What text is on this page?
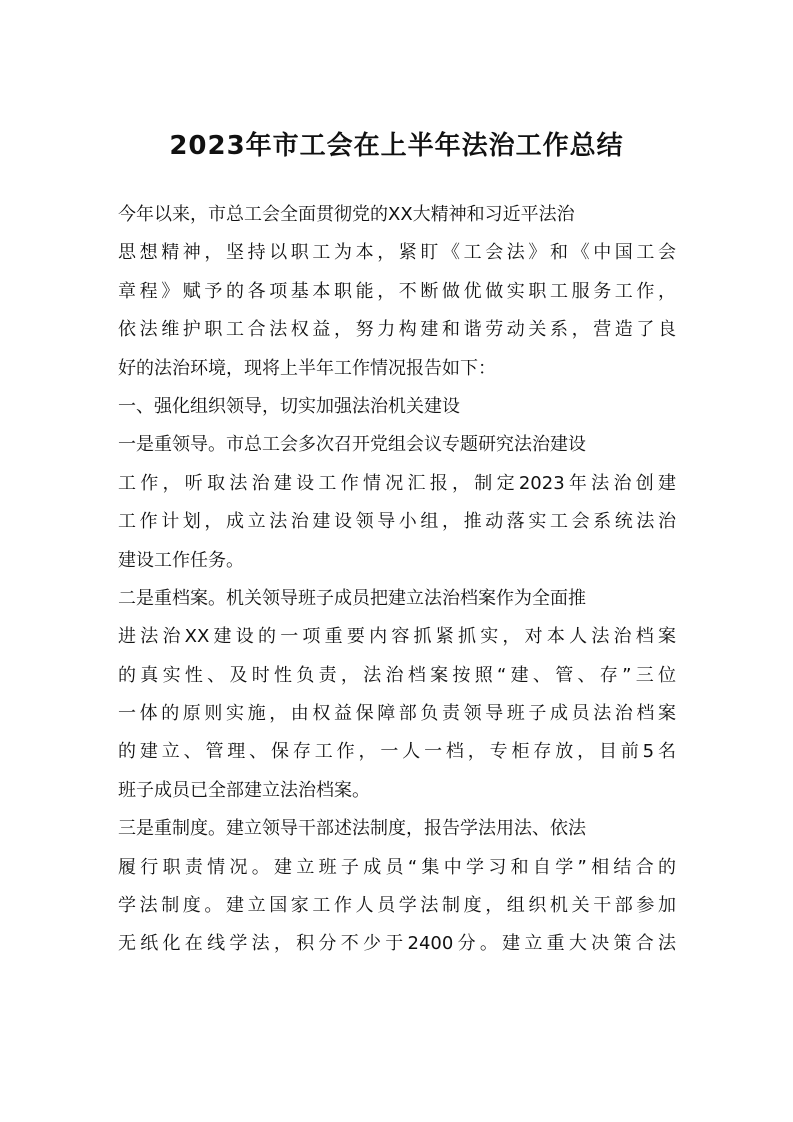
2023年市工会在上半年法治工作总结
今年以来，市总工会全面贯彻党的XX大精神和习近平法治
思想精神，坚持以职工为本，紧盯《工会法》和《中国工会
章程》赋予的各项基本职能，不断做优做实职工服务工作，
依法维护职工合法权益，努力构建和谐劳动关系，营造了良
好的法治环境，现将上半年工作情况报告如下：
一、强化组织领导，切实加强法治机关建设
一是重领导。市总工会多次召开党组会议专题研究法治建设
工作，听取法治建设工作情况汇报，制定2023年法治创建
工作计划，成立法治建设领导小组，推动落实工会系统法治
建设工作任务。
二是重档案。机关领导班子成员把建立法治档案作为全面推
进法治XX建设的一项重要内容抓紧抓实，对本人法治档案
的真实性、及时性负责，法治档案按照“建、管、存”三位
一体的原则实施，由权益保障部负责领导班子成员法治档案
的建立、管理、保存工作，一人一档，专柜存放，目前5名
班子成员已全部建立法治档案。
三是重制度。建立领导干部述法制度，报告学法用法、依法
履行职责情况。建立班子成员“集中学习和自学”相结合的
学法制度。建立国家工作人员学法制度，组织机关干部参加
无纸化在线学法，积分不少于2400分。建立重大决策合法
